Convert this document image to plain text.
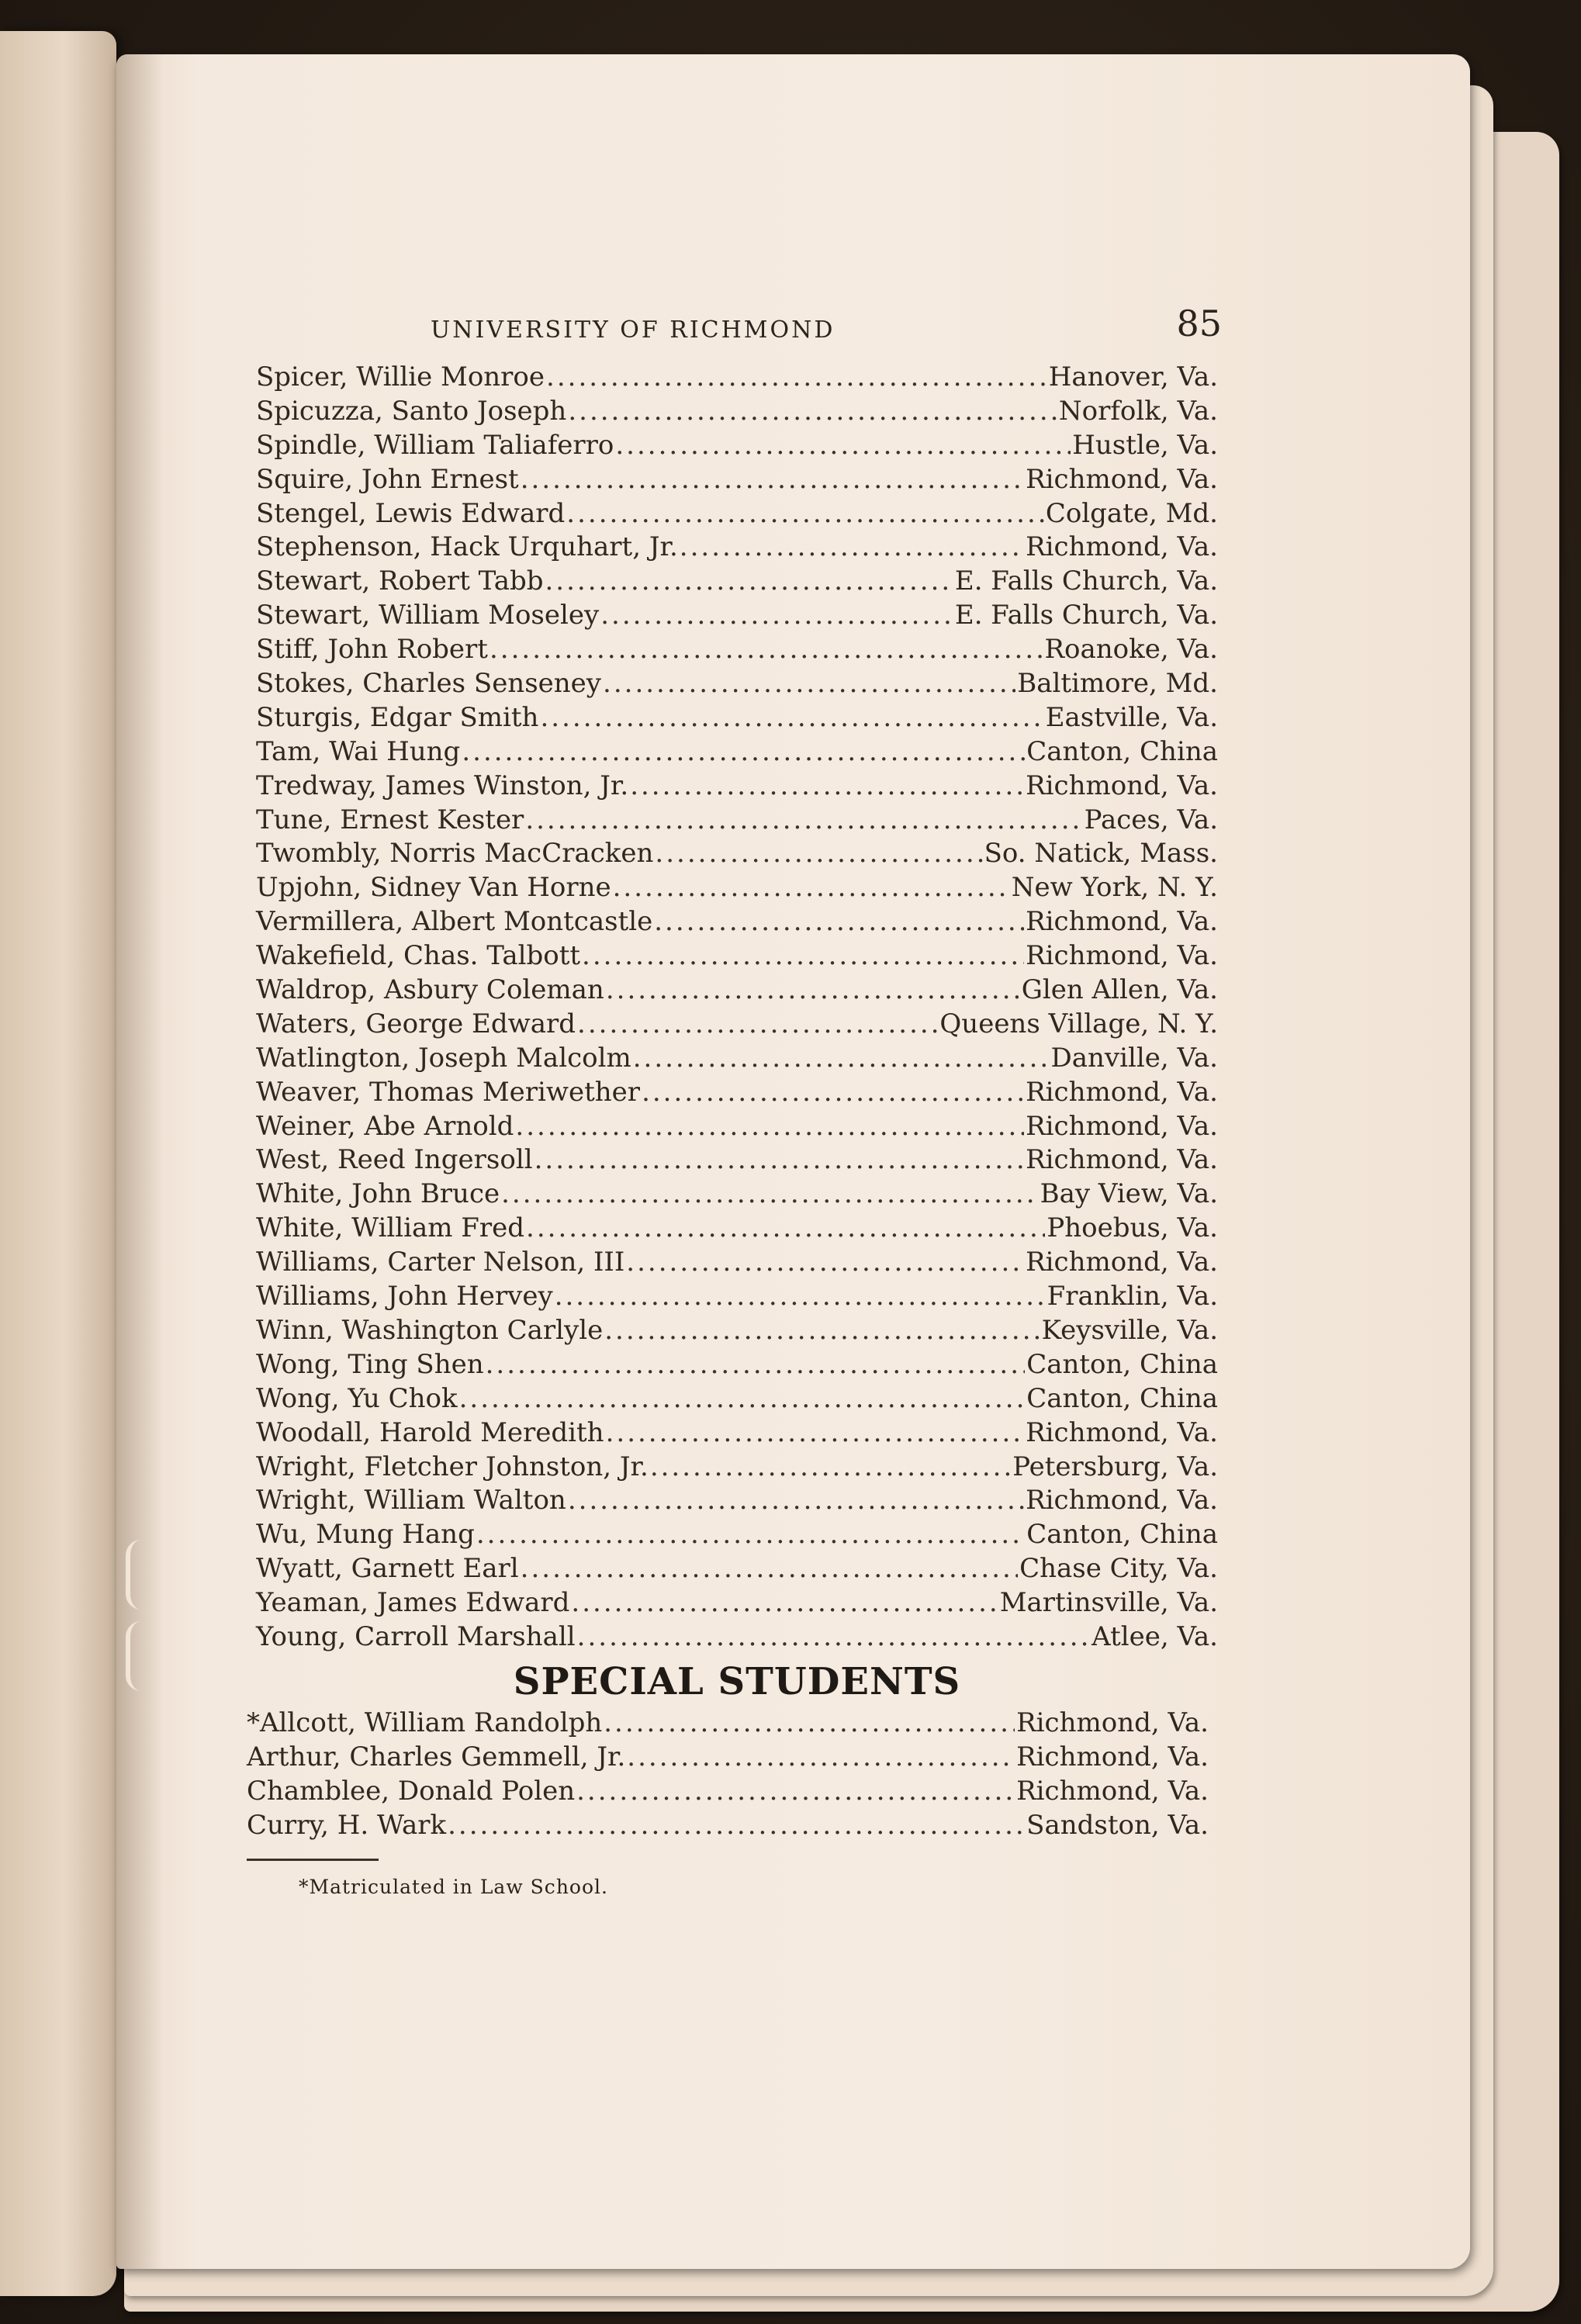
UNIVERSITY OF RICHMOND	85
Spicer, Willie Monroe .....	Hanover, Va.
Spicuzza, Santo Joseph .....	Norfolk, Va.
Spindle, William Taliaferro .....	Hustle, Va.
Squire, John Ernest .....	Richmond, Va.
Stengel, Lewis Edward .....	Colgate, Md.
Stephenson, Hack Urquhart, Jr. .....	Richmond, Va.
Stewart, Robert Tabb .....	E. Falls Church, Va.
Stewart, William Moseley .....	E. Falls Church, Va.
Stiff, John Robert .....	Roanoke, Va.
Stokes, Charles Senseney .....	Baltimore, Md.
Sturgis, Edgar Smith .....	Eastville, Va.
Tam, Wai Hung .....	Canton, China
Tredway, James Winston, Jr. .....	Richmond, Va.
Tune, Ernest Kester .....	Paces, Va.
Twombly, Norris MacCracken .....	So. Natick, Mass.
Upjohn, Sidney Van Horne .....	New York, N. Y.
Vermillera, Albert Montcastle .....	Richmond, Va.
Wakefield, Chas. Talbott .....	Richmond, Va.
Waldrop, Asbury Coleman .....	Glen Allen, Va.
Waters, George Edward .....	Queens Village, N. Y.
Watlington, Joseph Malcolm .....	Danville, Va.
Weaver, Thomas Meriwether .....	Richmond, Va.
Weiner, Abe Arnold .....	Richmond, Va.
West, Reed Ingersoll .....	Richmond, Va.
White, John Bruce .....	Bay View, Va.
White, William Fred .....	Phoebus, Va.
Williams, Carter Nelson, III .....	Richmond, Va.
Williams, John Hervey .....	Franklin, Va.
Winn, Washington Carlyle .....	Keysville, Va.
Wong, Ting Shen .....	Canton, China
Wong, Yu Chok .....	Canton, China
Woodall, Harold Meredith .....	Richmond, Va.
Wright, Fletcher Johnston, Jr. .....	Petersburg, Va.
Wright, William Walton .....	Richmond, Va.
Wu, Mung Hang .....	Canton, China
Wyatt, Garnett Earl .....	Chase City, Va.
Yeaman, James Edward .....	Martinsville, Va.
Young, Carroll Marshall .....	Atlee, Va.
SPECIAL STUDENTS
*Allcott, William Randolph .....	Richmond, Va.
Arthur, Charles Gemmell, Jr. .....	Richmond, Va.
Chamblee, Donald Polen .....	Richmond, Va.
Curry, H. Wark .....	Sandston, Va.
*Matriculated in Law School.
